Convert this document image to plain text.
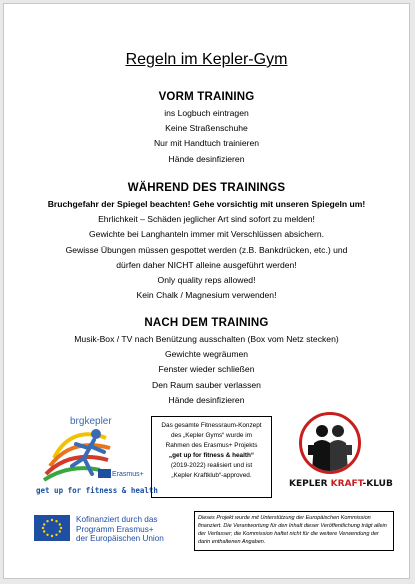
Regeln im Kepler-Gym
VORM TRAINING
ins Logbuch eintragen
Keine Straßenschuhe
Nur mit Handtuch trainieren
Hände desinfizieren
WÄHREND DES TRAININGS
Bruchgefahr der Spiegel beachten! Gehe vorsichtig mit unseren Spiegeln um!
Ehrlichkeit – Schäden jeglicher Art sind sofort zu melden!
Gewichte bei Langhanteln immer mit Verschlüssen absichern.
Gewisse Übungen müssen gespottet werden (z.B. Bankdrücken, etc.) und
dürfen daher NICHT alleine ausgeführt werden!
Only quality reps allowed!
Kein Chalk / Magnesium verwenden!
NACH DEM TRAINING
Musik-Box / TV nach Benützung ausschalten (Box vom Netz stecken)
Gewichte wegräumen
Fenster wieder schließen
Den Raum sauber verlassen
Hände desinfizieren
brgkepler
Erasmus+
get up for fitness & health
Das gesamte Fitnessraum-Konzept
des „Kepler Gyms“ wurde im
Rahmen des Erasmus+ Projekts
„get up for fitness & health“
(2019-2022) realisiert und ist
„Kepler Kraftklub“-approved.
KEPLER KRAFT-KLUB
Kofinanziert durch das
Programm Erasmus+
der Europäischen Union
Dieses Projekt wurde mit Unterstützung der Europäischen Kommission finanziert. Die Verantwortung für den Inhalt dieser Veröffentlichung trägt allein der Verfasser; die Kommission haftet nicht für die weitere Verwendung der darin enthaltenen Angaben.
